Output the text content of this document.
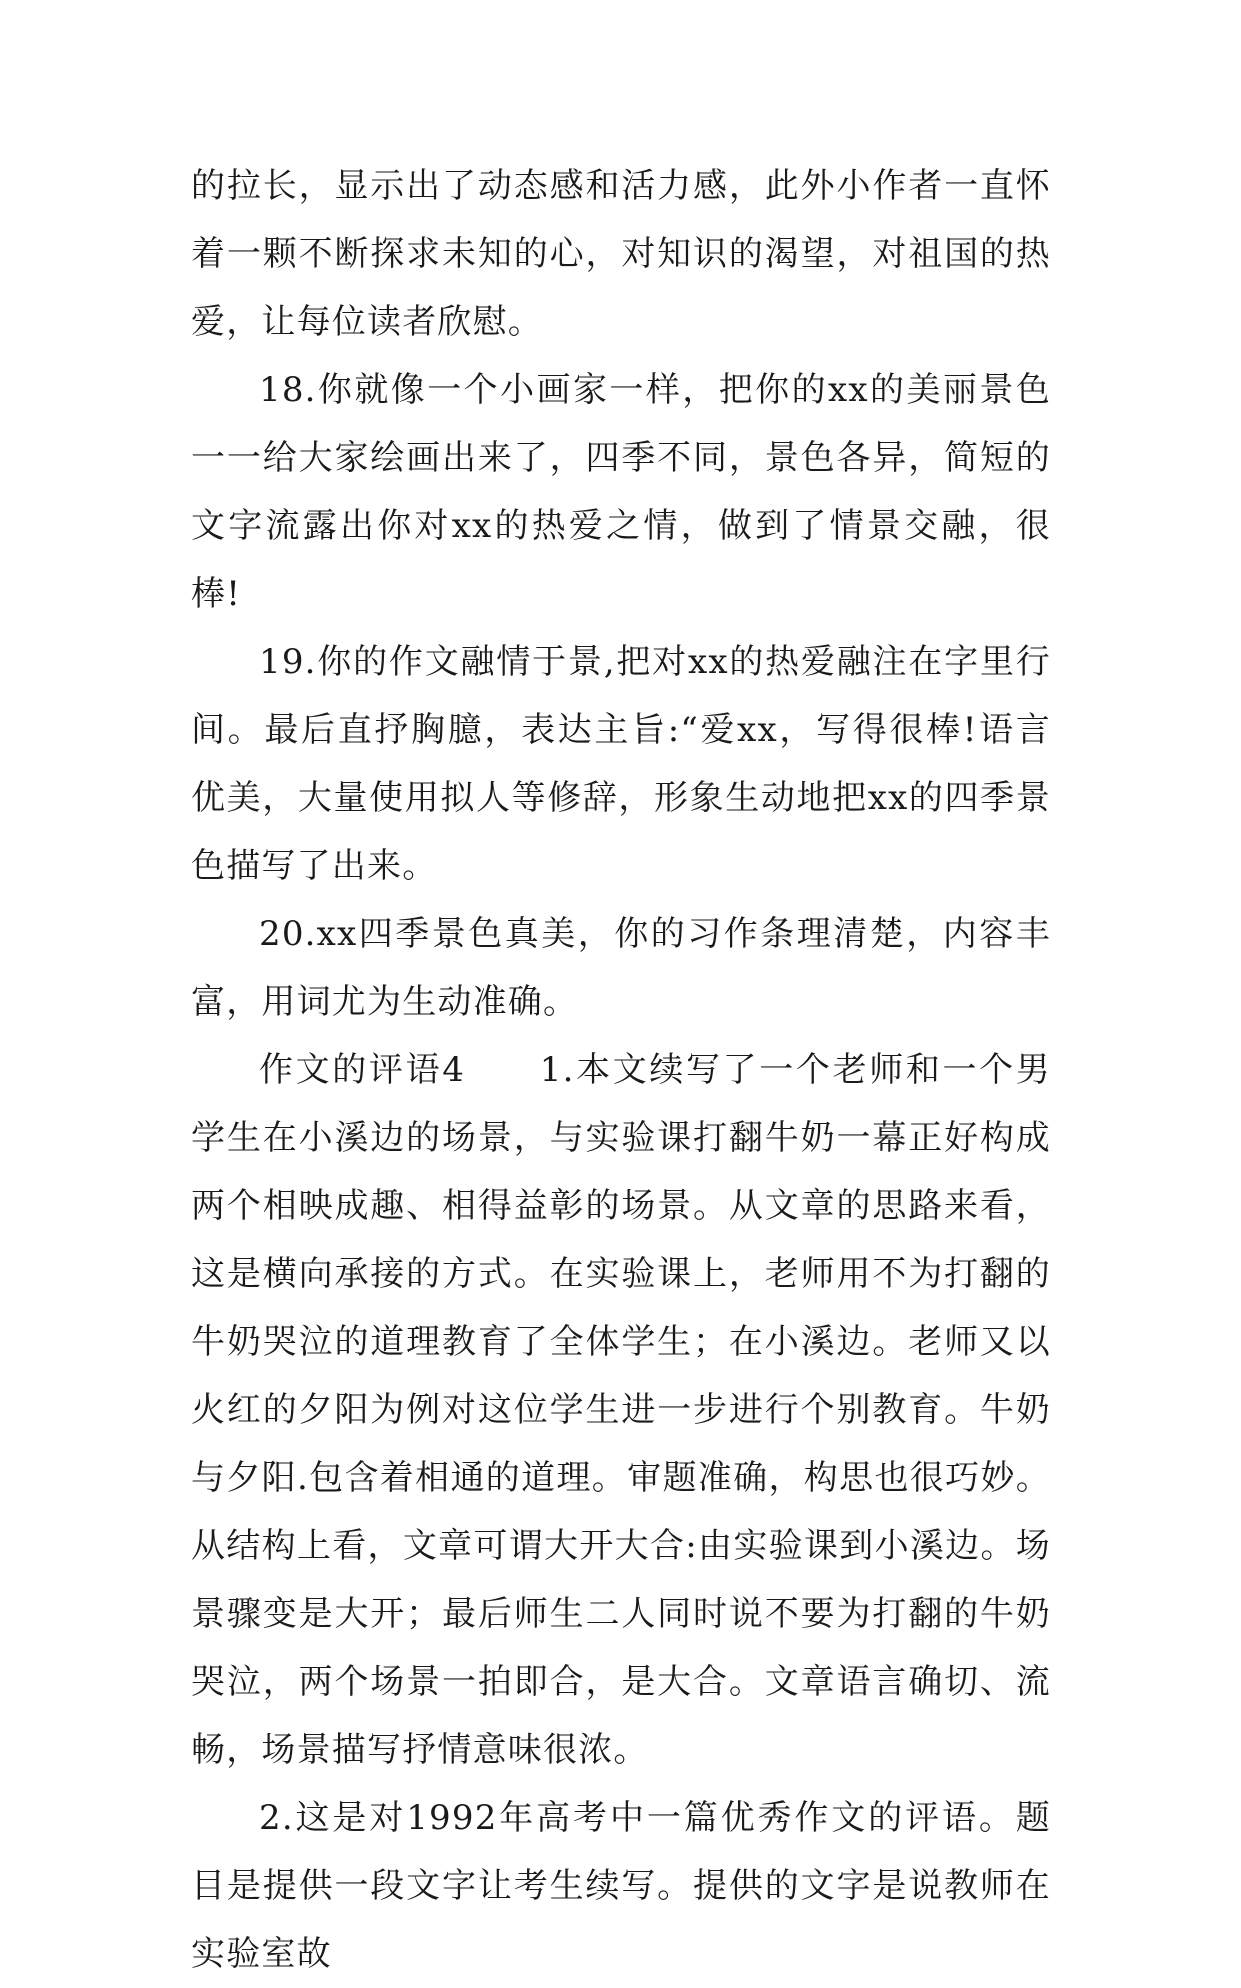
的拉长，显示出了动态感和活力感，此外小作者一直怀着一颗不断探求未知的心，对知识的渴望，对祖国的热爱，让每位读者欣慰。

18.你就像一个小画家一样，把你的xx的美丽景色一一给大家绘画出来了，四季不同，景色各异，简短的文字流露出你对xx的热爱之情，做到了情景交融，很棒!

19.你的作文融情于景,把对xx的热爱融注在字里行间。最后直抒胸臆，表达主旨:“爱xx，写得很棒!语言优美，大量使用拟人等修辞，形象生动地把xx的四季景色描写了出来。

20.xx四季景色真美，你的习作条理清楚，内容丰富，用词尤为生动准确。

作文的评语4　　1.本文续写了一个老师和一个男学生在小溪边的场景，与实验课打翻牛奶一幕正好构成两个相映成趣、相得益彰的场景。从文章的思路来看，这是横向承接的方式。在实验课上，老师用不为打翻的牛奶哭泣的道理教育了全体学生；在小溪边。老师又以火红的夕阳为例对这位学生进一步进行个别教育。牛奶与夕阳.包含着相通的道理。审题准确，构思也很巧妙。从结构上看，文章可谓大开大合:由实验课到小溪边。场景骤变是大开；最后师生二人同时说不要为打翻的牛奶哭泣，两个场景一拍即合，是大合。文章语言确切、流畅，场景描写抒情意味很浓。

2.这是对1992年高考中一篇优秀作文的评语。题目是提供一段文字让考生续写。提供的文字是说教师在实验室故
